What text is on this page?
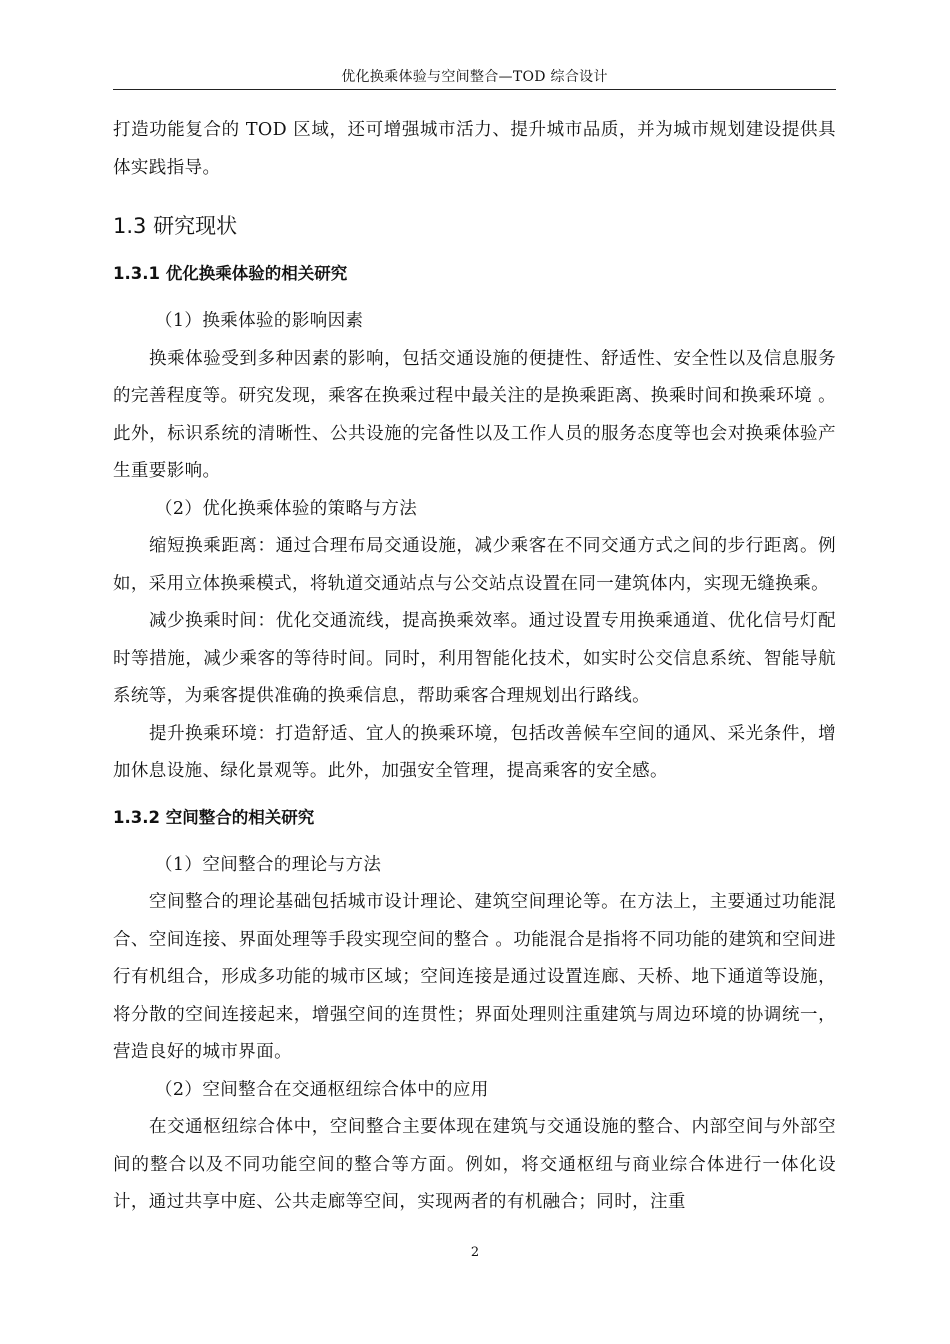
优化换乘体验与空间整合—TOD 综合设计

打造功能复合的 TOD 区域，还可增强城市活力、提升城市品质，并为城市规划建设提供具体实践指导。

1.3 研究现状
1.3.1 优化换乘体验的相关研究

（1）换乘体验的影响因素

换乘体验受到多种因素的影响，包括交通设施的便捷性、舒适性、安全性以及信息服务的完善程度等。研究发现，乘客在换乘过程中最关注的是换乘距离、换乘时间和换乘环境 。此外，标识系统的清晰性、公共设施的完备性以及工作人员的服务态度等也会对换乘体验产生重要影响。

（2）优化换乘体验的策略与方法

缩短换乘距离：通过合理布局交通设施，减少乘客在不同交通方式之间的步行距离。例如，采用立体换乘模式，将轨道交通站点与公交站点设置在同一建筑体内，实现无缝换乘。

减少换乘时间：优化交通流线，提高换乘效率。通过设置专用换乘通道、优化信号灯配时等措施，减少乘客的等待时间。同时，利用智能化技术，如实时公交信息系统、智能导航系统等，为乘客提供准确的换乘信息，帮助乘客合理规划出行路线。

提升换乘环境：打造舒适、宜人的换乘环境，包括改善候车空间的通风、采光条件，增加休息设施、绿化景观等。此外，加强安全管理，提高乘客的安全感。

1.3.2 空间整合的相关研究

（1）空间整合的理论与方法

空间整合的理论基础包括城市设计理论、建筑空间理论等。在方法上，主要通过功能混合、空间连接、界面处理等手段实现空间的整合 。功能混合是指将不同功能的建筑和空间进行有机组合，形成多功能的城市区域；空间连接是通过设置连廊、天桥、地下通道等设施，将分散的空间连接起来，增强空间的连贯性；界面处理则注重建筑与周边环境的协调统一，营造良好的城市界面。

（2）空间整合在交通枢纽综合体中的应用

在交通枢纽综合体中，空间整合主要体现在建筑与交通设施的整合、内部空间与外部空间的整合以及不同功能空间的整合等方面。例如，将交通枢纽与商业综合体进行一体化设计，通过共享中庭、公共走廊等空间，实现两者的有机融合；同时，注重

2
